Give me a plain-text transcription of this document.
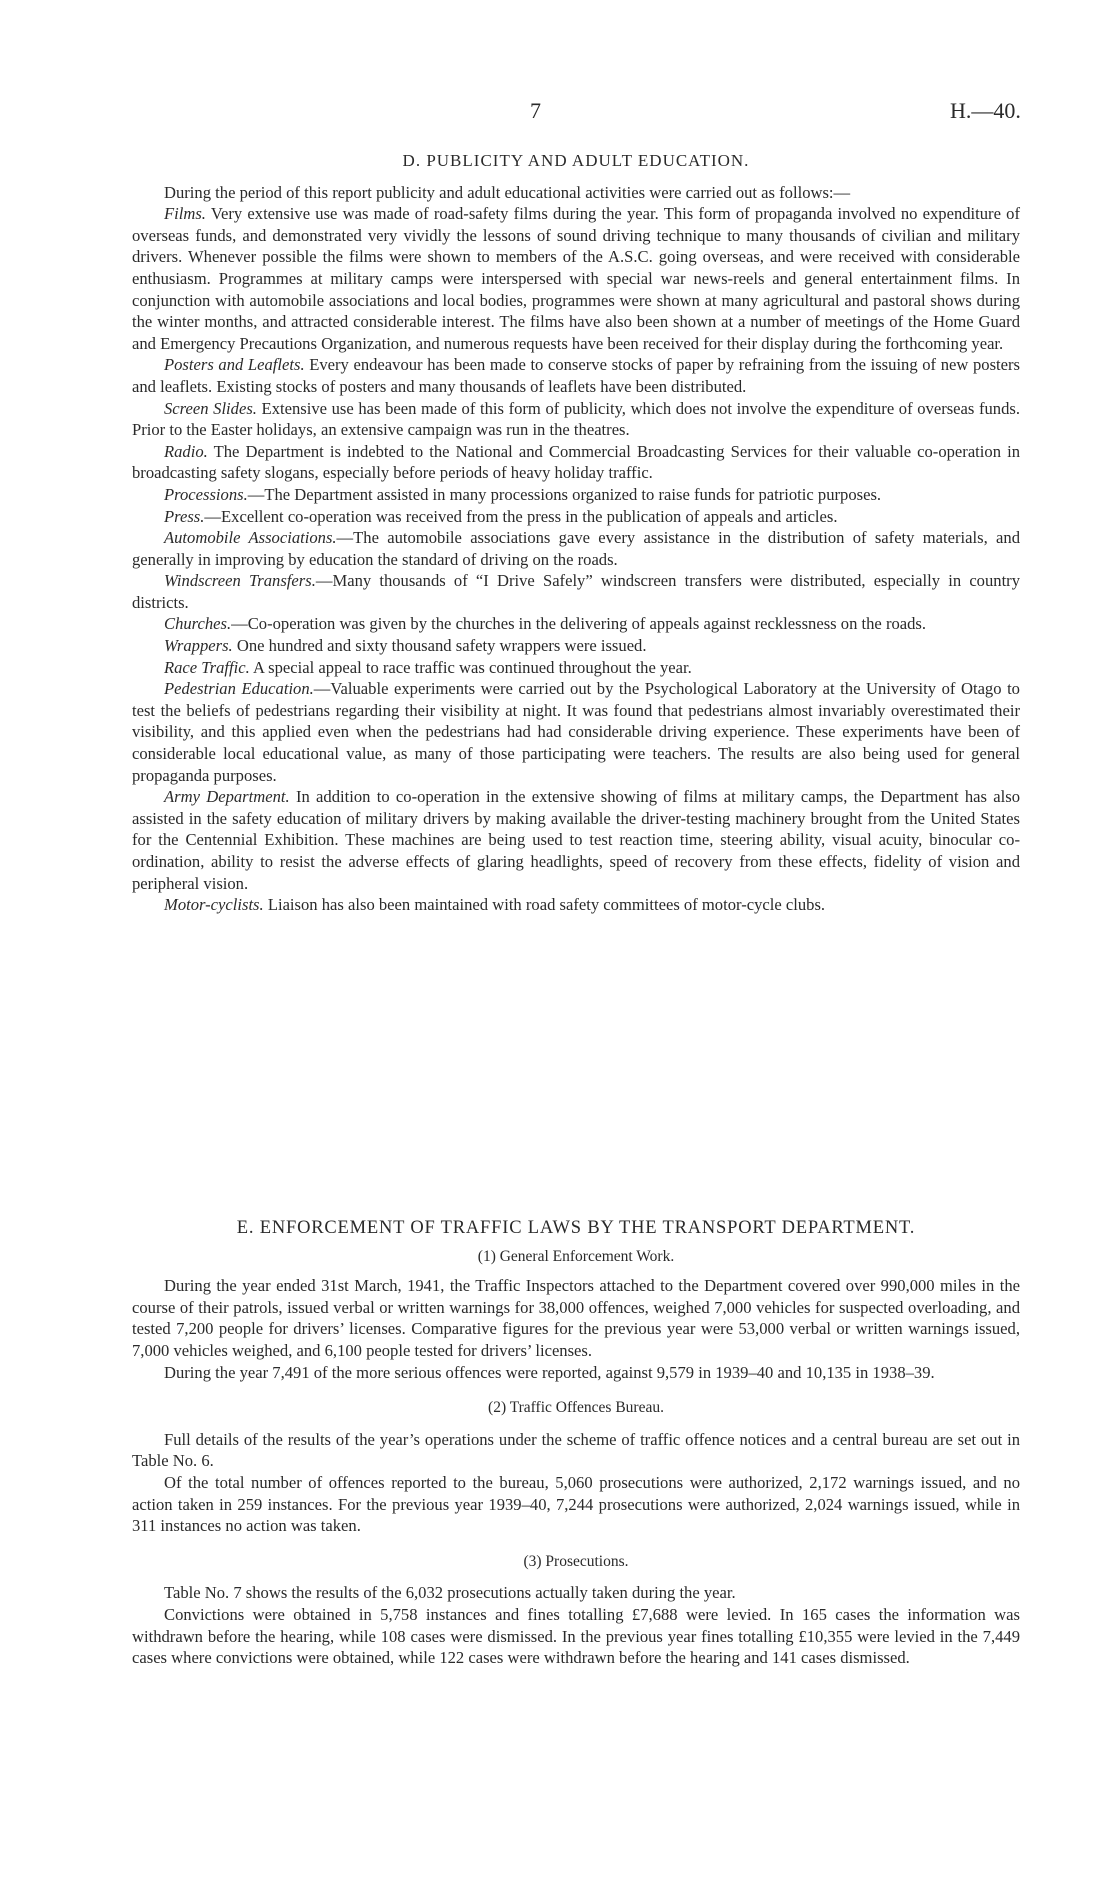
7	H.—40.
D. PUBLICITY AND ADULT EDUCATION.

During the period of this report publicity and adult educational activities were carried out as follows:—

Films. Very extensive use was made of road-safety films during the year. This form of propaganda involved no expenditure of overseas funds, and demonstrated very vividly the lessons of sound driving technique to many thousands of civilian and military drivers. Whenever possible the films were shown to members of the A.S.C. going overseas, and were received with considerable enthusiasm. Programmes at military camps were interspersed with special war news-reels and general entertainment films. In conjunction with automobile associations and local bodies, programmes were shown at many agricultural and pastoral shows during the winter months, and attracted considerable interest. The films have also been shown at a number of meetings of the Home Guard and Emergency Precautions Organization, and numerous requests have been received for their display during the forthcoming year.

Posters and Leaflets. Every endeavour has been made to conserve stocks of paper by refraining from the issuing of new posters and leaflets. Existing stocks of posters and many thousands of leaflets have been distributed.

Screen Slides. Extensive use has been made of this form of publicity, which does not involve the expenditure of overseas funds. Prior to the Easter holidays, an extensive campaign was run in the theatres.

Radio. The Department is indebted to the National and Commercial Broadcasting Services for their valuable co-operation in broadcasting safety slogans, especially before periods of heavy holiday traffic.

Processions.—The Department assisted in many processions organized to raise funds for patriotic purposes.

Press.—Excellent co-operation was received from the press in the publication of appeals and articles.

Automobile Associations.—The automobile associations gave every assistance in the distribution of safety materials, and generally in improving by education the standard of driving on the roads.

Windscreen Transfers.—Many thousands of “I Drive Safely” windscreen transfers were distributed, especially in country districts.

Churches.—Co-operation was given by the churches in the delivering of appeals against recklessness on the roads.

Wrappers. One hundred and sixty thousand safety wrappers were issued.

Race Traffic. A special appeal to race traffic was continued throughout the year.

Pedestrian Education.—Valuable experiments were carried out by the Psychological Laboratory at the University of Otago to test the beliefs of pedestrians regarding their visibility at night. It was found that pedestrians almost invariably overestimated their visibility, and this applied even when the pedestrians had had considerable driving experience. These experiments have been of considerable local educational value, as many of those participating were teachers. The results are also being used for general propaganda purposes.

Army Department. In addition to co-operation in the extensive showing of films at military camps, the Department has also assisted in the safety education of military drivers by making available the driver-testing machinery brought from the United States for the Centennial Exhibition. These machines are being used to test reaction time, steering ability, visual acuity, binocular co-ordination, ability to resist the adverse effects of glaring headlights, speed of recovery from these effects, fidelity of vision and peripheral vision.

Motor-cyclists. Liaison has also been maintained with road safety committees of motor-cycle clubs.

E. ENFORCEMENT OF TRAFFIC LAWS BY THE TRANSPORT DEPARTMENT.
(1) General Enforcement Work.

During the year ended 31st March, 1941, the Traffic Inspectors attached to the Department covered over 990,000 miles in the course of their patrols, issued verbal or written warnings for 38,000 offences, weighed 7,000 vehicles for suspected overloading, and tested 7,200 people for drivers’ licenses. Comparative figures for the previous year were 53,000 verbal or written warnings issued, 7,000 vehicles weighed, and 6,100 people tested for drivers’ licenses.

During the year 7,491 of the more serious offences were reported, against 9,579 in 1939–40 and 10,135 in 1938–39.

(2) Traffic Offences Bureau.

Full details of the results of the year’s operations under the scheme of traffic offence notices and a central bureau are set out in Table No. 6.

Of the total number of offences reported to the bureau, 5,060 prosecutions were authorized, 2,172 warnings issued, and no action taken in 259 instances. For the previous year 1939–40, 7,244 prosecutions were authorized, 2,024 warnings issued, while in 311 instances no action was taken.

(3) Prosecutions.

Table No. 7 shows the results of the 6,032 prosecutions actually taken during the year.

Convictions were obtained in 5,758 instances and fines totalling £7,688 were levied. In 165 cases the information was withdrawn before the hearing, while 108 cases were dismissed. In the previous year fines totalling £10,355 were levied in the 7,449 cases where convictions were obtained, while 122 cases were withdrawn before the hearing and 141 cases dismissed.
